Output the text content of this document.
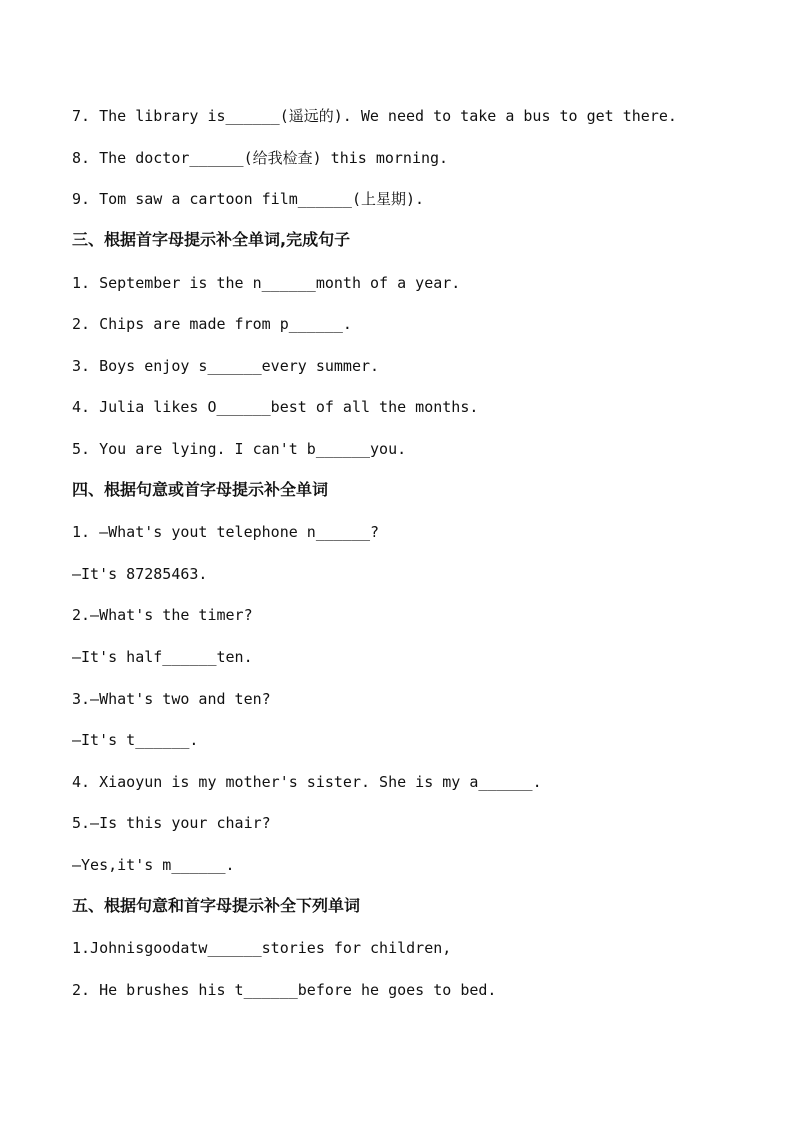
7. The library is______(遥远的). We need to take a bus to get there.
8. The doctor______(给我检查) this morning.
9. Tom saw a cartoon film______(上星期).
三、根据首字母提示补全单词,完成句子
1. September is the n______month of a year.
2. Chips are made from p______.
3. Boys enjoy s______every summer.
4. Julia likes O______best of all the months.
5. You are lying. I can't b______you.
四、根据句意或首字母提示补全单词
1. —What's yout telephone n______?
—It's 87285463.
2.—What's the timer?
—It's half______ten.
3.—What's two and ten?
—It's t______.
4. Xiaoyun is my mother's sister. She is my a______.
5.—Is this your chair?
—Yes,it's m______.
五、根据句意和首字母提示补全下列单词
1.Johnisgoodatw______stories for children,
2. He brushes his t______before he goes to bed.
